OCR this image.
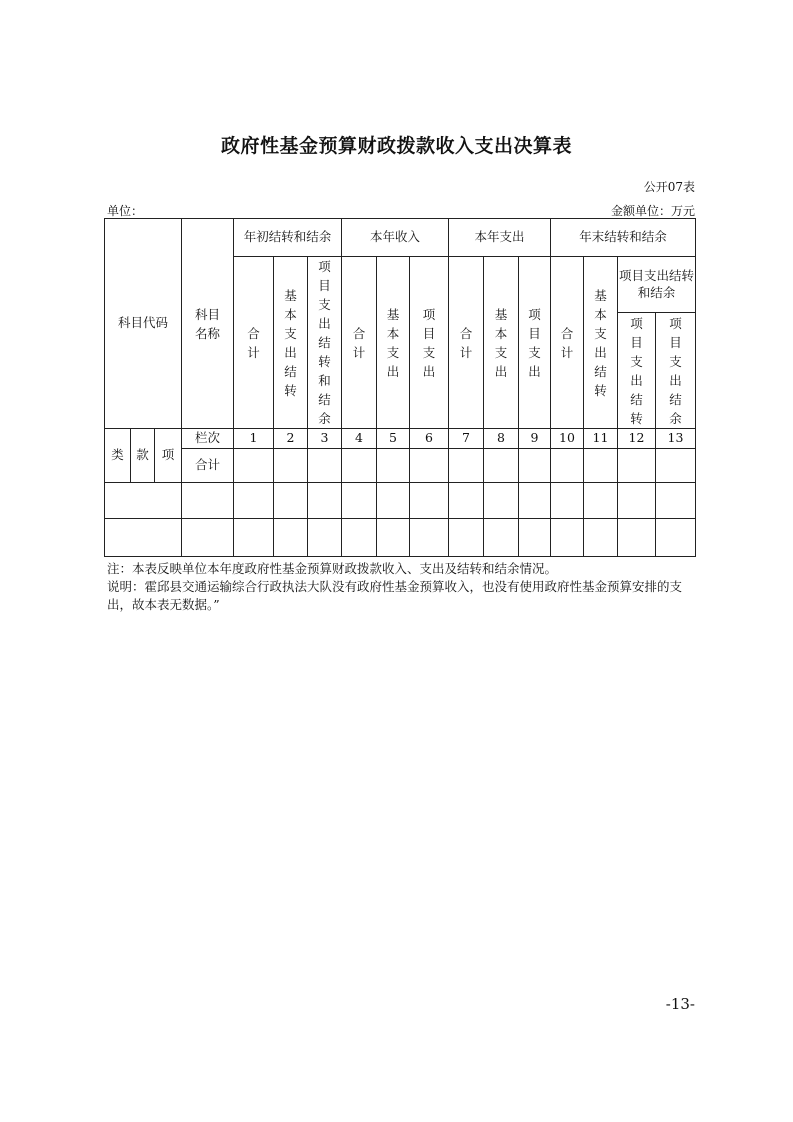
政府性基金预算财政拨款收入支出决算表
公开07表
单位：	金额单位：万元
科目代码			科目名称	年初结转和结余			本年收入			本年支出			年末结转和结余			
				合计	基本支出结转	项目支出结转和结余	合计	基本支出	项目支出	合计	基本支出	项目支出	合计	基本支出结转	项目支出结转和结余	
															项目支出结转	项目支出结余
类	款	项	栏次	1	2	3	4	5	6	7	8	9	10	11	12	13
			合计													

注：本表反映单位本年度政府性基金预算财政拨款收入、支出及结转和结余情况。
说明：霍邱县交通运输综合行政执法大队没有政府性基金预算收入，也没有使用政府性基金预算安排的支出，故本表无数据。”
-13-
